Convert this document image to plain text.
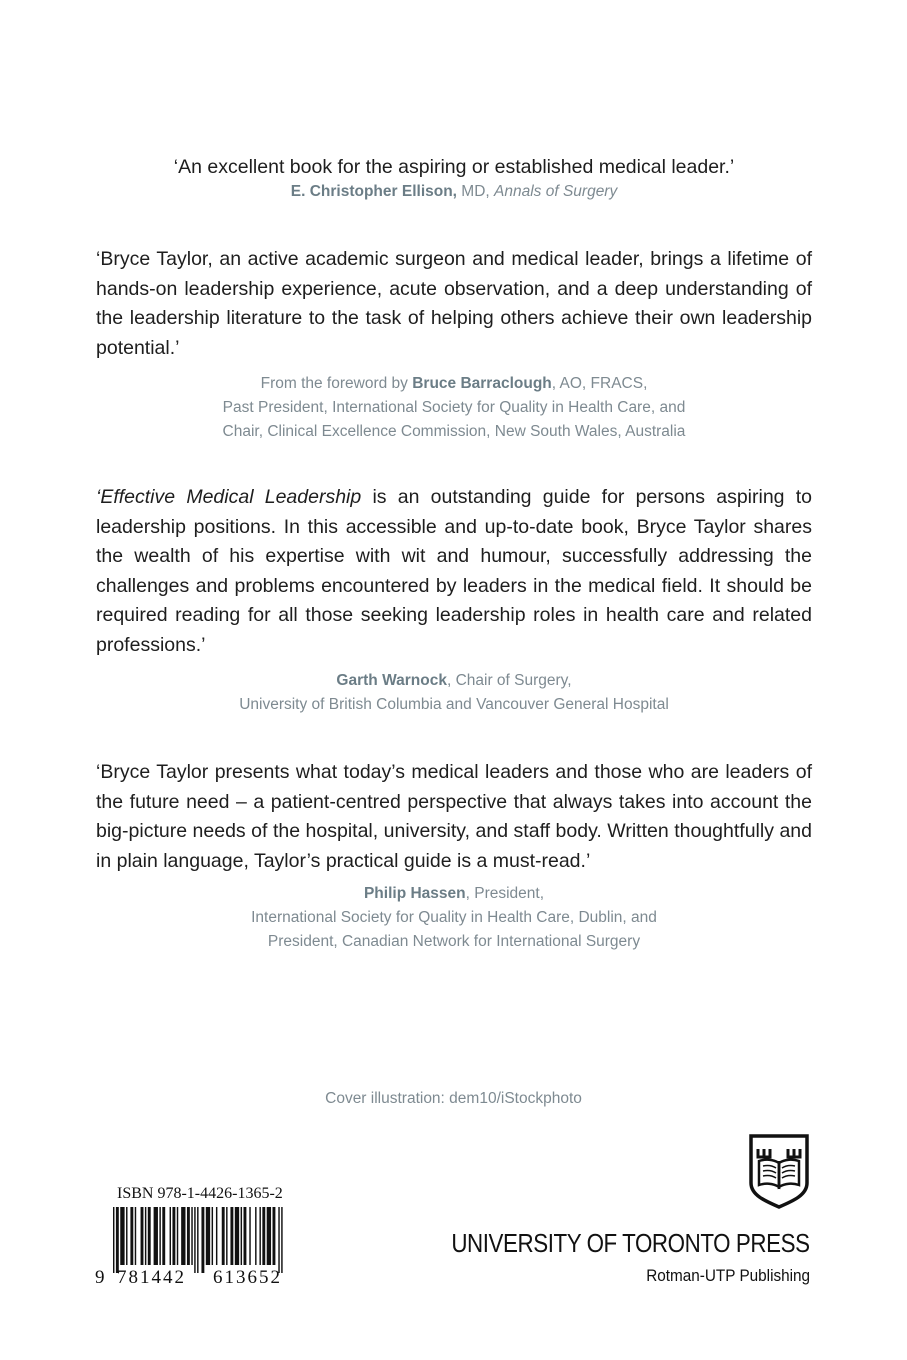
‘An excellent book for the aspiring or established medical leader.’

E. Christopher Ellison, MD, Annals of Surgery

‘Bryce Taylor, an active academic surgeon and medical leader, brings a lifetime of hands-on leadership experience, acute observation, and a deep understanding of the leadership literature to the task of helping others achieve their own leadership potential.’

From the foreword by Bruce Barraclough, AO, FRACS,
Past President, International Society for Quality in Health Care, and
Chair, Clinical Excellence Commission, New South Wales, Australia

‘Effective Medical Leadership is an outstanding guide for persons aspiring to leadership positions. In this accessible and up-to-date book, Bryce Taylor shares the wealth of his expertise with wit and humour, successfully addressing the challenges and problems encountered by leaders in the medical field. It should be required reading for all those seeking leadership roles in health care and related professions.’

Garth Warnock, Chair of Surgery,
University of British Columbia and Vancouver General Hospital

‘Bryce Taylor presents what today’s medical leaders and those who are leaders of the future need – a patient-centred perspective that always takes into account the big-picture needs of the hospital, university, and staff body. Written thoughtfully and in plain language, Taylor’s practical guide is a must-read.’

Philip Hassen, President,
International Society for Quality in Health Care, Dublin, and
President, Canadian Network for International Surgery

Cover illustration: dem10/iStockphoto
ISBN 978-1-4426-1365-2
9 781442 613652
UNIVERSITY OF TORONTO PRESS
Rotman-UTP Publishing
